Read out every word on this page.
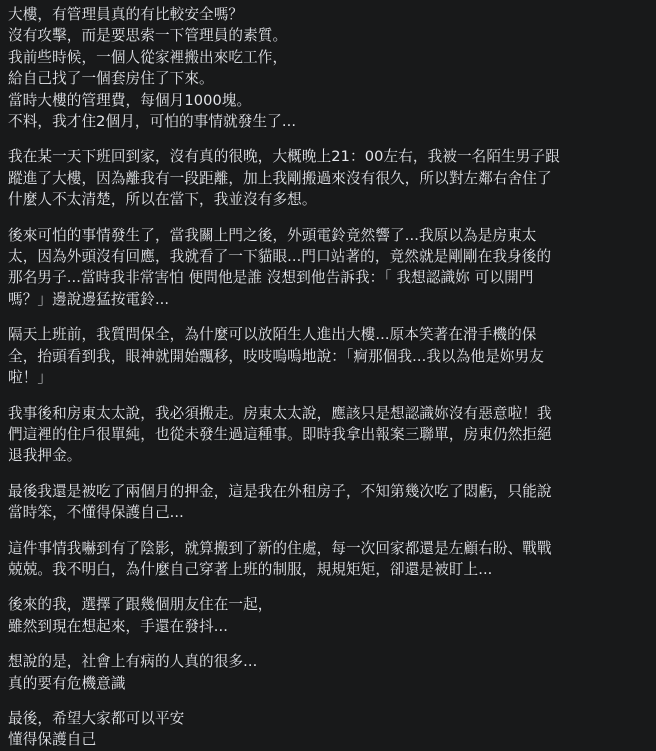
大樓，有管理員真的有比較安全嗎？
沒有攻擊，而是要思索一下管理員的素質。
我前些時候，一個人從家裡搬出來吃工作，
給自己找了一個套房住了下來。
當時大樓的管理費，每個月1000塊。
不料，我才住2個月，可怕的事情就發生了...
我在某一天下班回到家，沒有真的很晚，大概晚上21：00左右，我被一名陌生男子跟
蹤進了大樓，因為離我有一段距離，加上我剛搬過來沒有很久，所以對左鄰右舍住了
什麼人不太清楚，所以在當下，我並沒有多想。
後來可怕的事情發生了，當我關上門之後，外頭電鈴竟然響了...我原以為是房東太
太，因為外頭沒有回應，我就看了一下貓眼...門口站著的，竟然就是剛剛在我身後的
那名男子...當時我非常害怕 便問他是誰 沒想到他告訴我：「 我想認識妳 可以開門
嗎？」邊說邊猛按電鈴...
隔天上班前，我質問保全，為什麼可以放陌生人進出大樓...原本笑著在滑手機的保
全，抬頭看到我，眼神就開始飄移，吱吱嗚嗚地說：「痾那個我...我以為他是妳男友
啦！」
我事後和房東太太說，我必須搬走。房東太太說，應該只是想認識妳沒有惡意啦！我
們這裡的住戶很單純，也從未發生過這種事。即時我拿出報案三聯單，房東仍然拒絕
退我押金。
最後我還是被吃了兩個月的押金，這是我在外租房子，不知第幾次吃了悶虧，只能說
當時笨，不懂得保護自己...
這件事情我嚇到有了陰影，就算搬到了新的住處，每一次回家都還是左顧右盼、戰戰
兢兢。我不明白，為什麼自己穿著上班的制服，規規矩矩，卻還是被盯上...
後來的我，選擇了跟幾個朋友住在一起，
雖然到現在想起來，手還在發抖...
想說的是，社會上有病的人真的很多...
真的要有危機意識
最後，希望大家都可以平安
懂得保護自己
